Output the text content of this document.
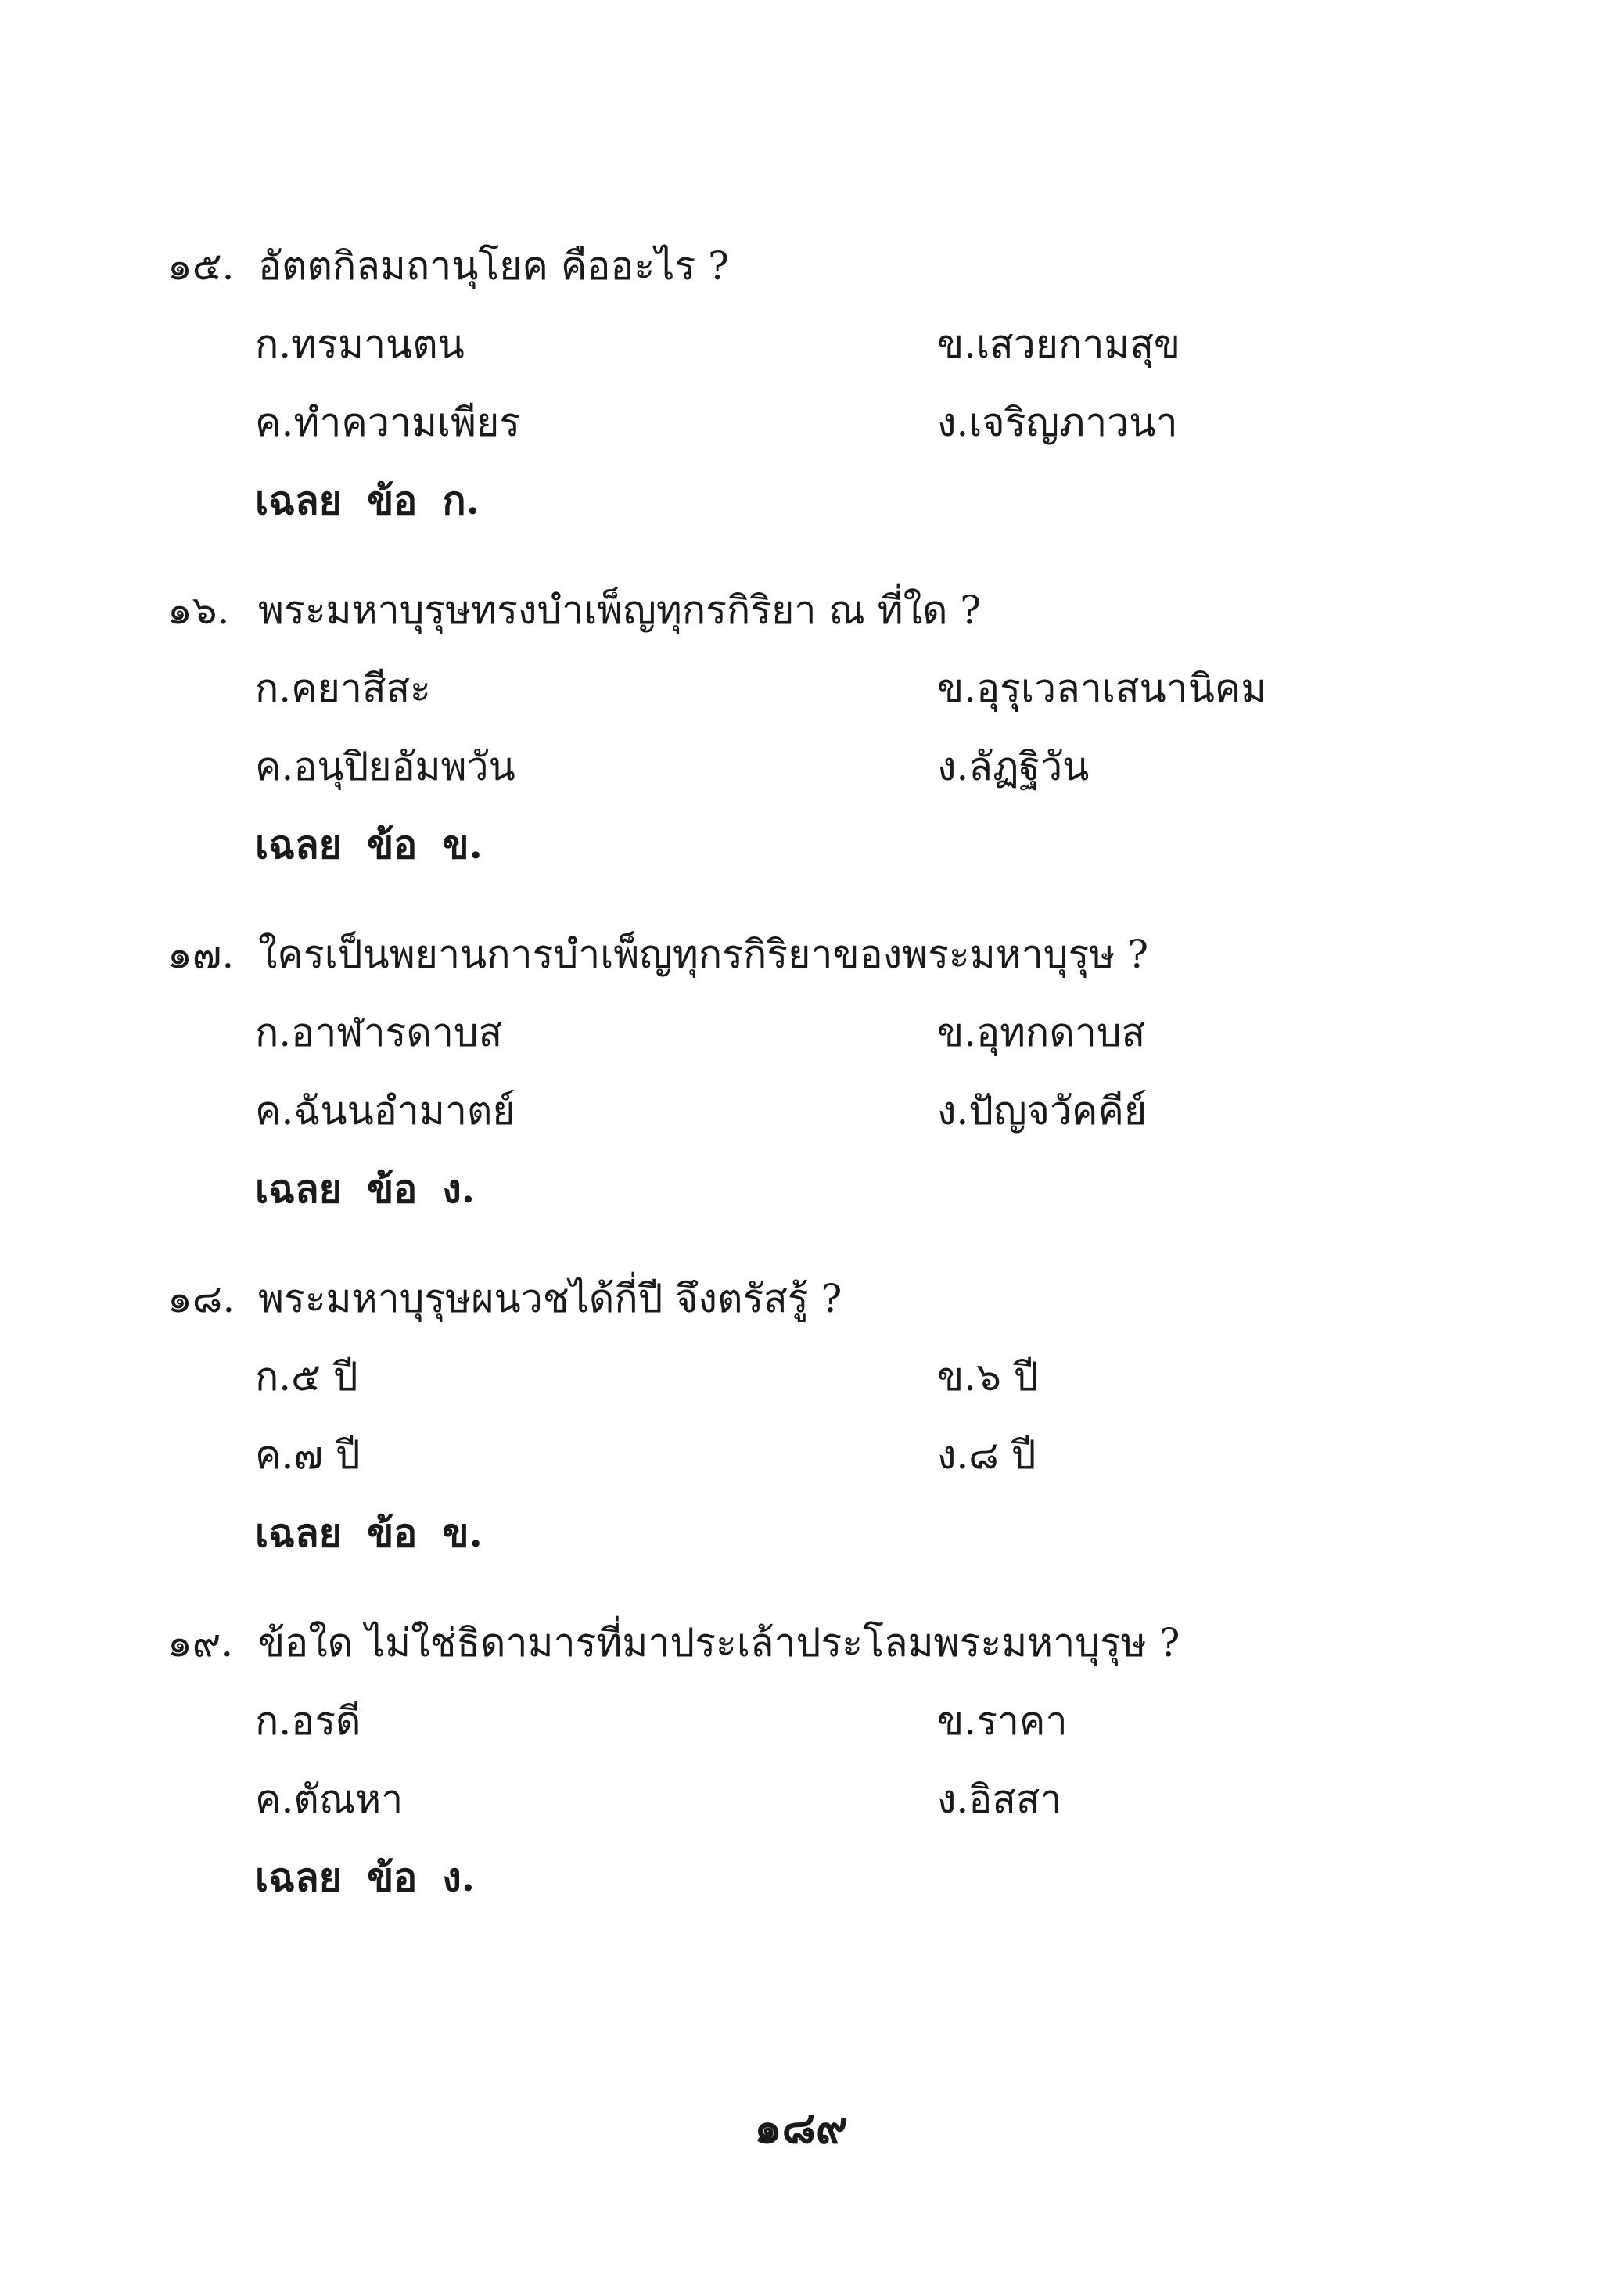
๑๕. อัตตกิลมถานุโยค คืออะไร ?
ก.ทรมานตน	ข.เสวยกามสุข
ค.ทำความเพียร	ง.เจริญภาวนา
เฉลย ข้อ ก.
๑๖. พระมหาบุรุษทรงบำเพ็ญทุกรกิริยา ณ ที่ใด ?
ก.คยาสีสะ	ข.อุรุเวลาเสนานิคม
ค.อนุปิยอัมพวัน	ง.ลัฏฐิวัน
เฉลย ข้อ ข.
๑๗. ใครเป็นพยานการบำเพ็ญทุกรกิริยาของพระมหาบุรุษ ?
ก.อาฬารดาบส	ข.อุทกดาบส
ค.ฉันนอำมาตย์	ง.ปัญจวัคคีย์
เฉลย ข้อ ง.
๑๘. พระมหาบุรุษผนวชได้กี่ปี จึงตรัสรู้ ?
ก.๕ ปี	ข.๖ ปี
ค.๗ ปี	ง.๘ ปี
เฉลย ข้อ ข.
๑๙. ข้อใด ไม่ใช่ธิดามารที่มาประเล้าประโลมพระมหาบุรุษ ?
ก.อรดี	ข.ราคา
ค.ตัณหา	ง.อิสสา
เฉลย ข้อ ง.
๑๘๙
